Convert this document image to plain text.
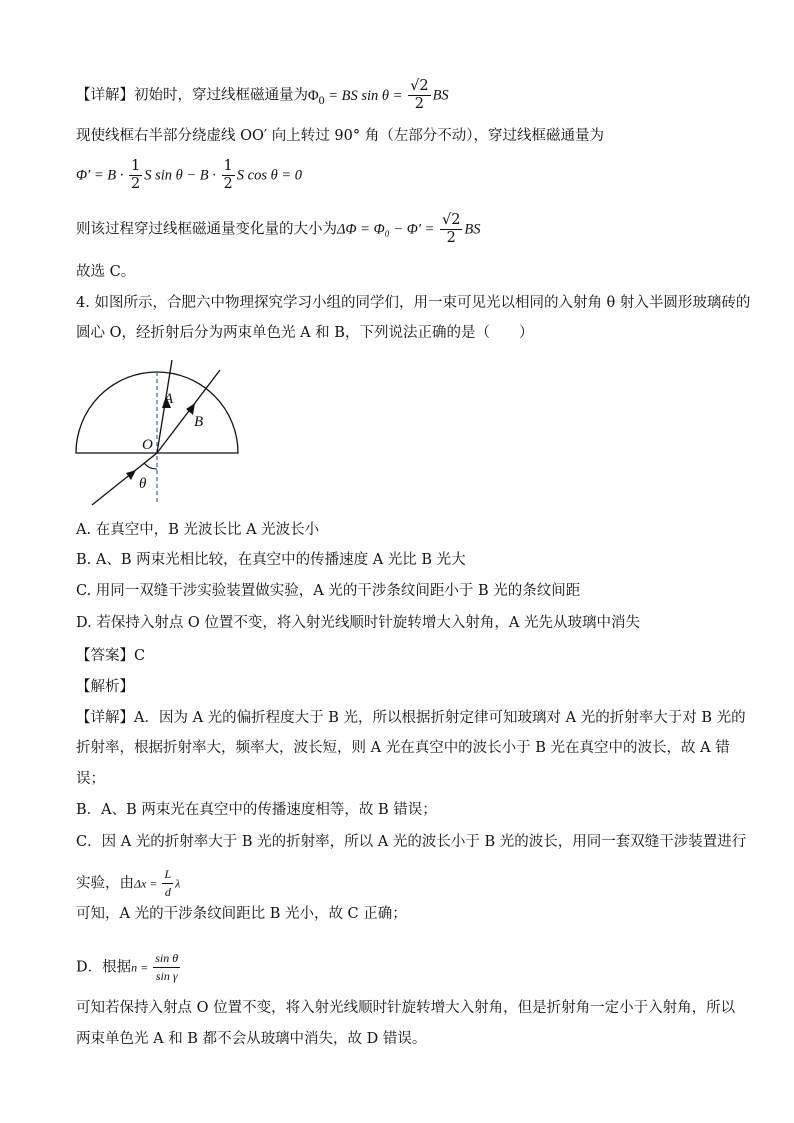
【详解】初始时，穿过线框磁通量为$\Phi_0$ = BS $\sin \theta = \frac{√2}{2}$ BS
现使线框右半部分绕虚线 OO′ 向上转过 90° 角（左部分不动），穿过线框磁通量为
$\Phi' = B \cdot \frac{1}{2}$ S $\sin \theta - B \cdot \frac{1}{2}$ S cos θ = 0
则该过程穿过线框磁通量变化量的大小为$\Delta\Phi = \Phi_0 - \Phi' = \frac{√2}{2}$ BS
故选 C。
4. 如图所示，合肥六中物理探究学习小组的同学们，用一束可见光以相同的入射角 θ 射入半圆形玻璃砖的
圆心 O，经折射后分为两束单色光 A 和 B，下列说法正确的是（　　）
A
B
O
θ
A. 在真空中，B 光波长比 A 光波长小
B. A、B 两束光相比较，在真空中的传播速度 A 光比 B 光大
C. 用同一双缝干涉实验装置做实验，A 光的干涉条纹间距小于 B 光的条纹间距
D. 若保持入射点 O 位置不变，将入射光线顺时针旋转增大入射角，A 光先从玻璃中消失
【答案】C
【解析】
【详解】A．因为 A 光的偏折程度大于 B 光，所以根据折射定律可知玻璃对 A 光的折射率大于对 B 光的
折射率，根据折射率大，频率大，波长短，则 A 光在真空中的波长小于 B 光在真空中的波长，故 A 错
误；
B．A、B 两束光在真空中的传播速度相等，故 B 错误；
C．因 A 光的折射率大于 B 光的折射率，所以 A 光的波长小于 B 光的波长，用同一套双缝干涉装置进行
实验，由$\Delta x = \frac{L}{d}$ λ
可知，A 光的干涉条纹间距比 B 光小，故 C 正确；
D．根据$n = \frac{\text{sin θ}}{\text{sin γ}}$
可知若保持入射点 O 位置不变，将入射光线顺时针旋转增大入射角，但是折射角一定小于入射角，所以
两束单色光 A 和 B 都不会从玻璃中消失，故 D 错误。
